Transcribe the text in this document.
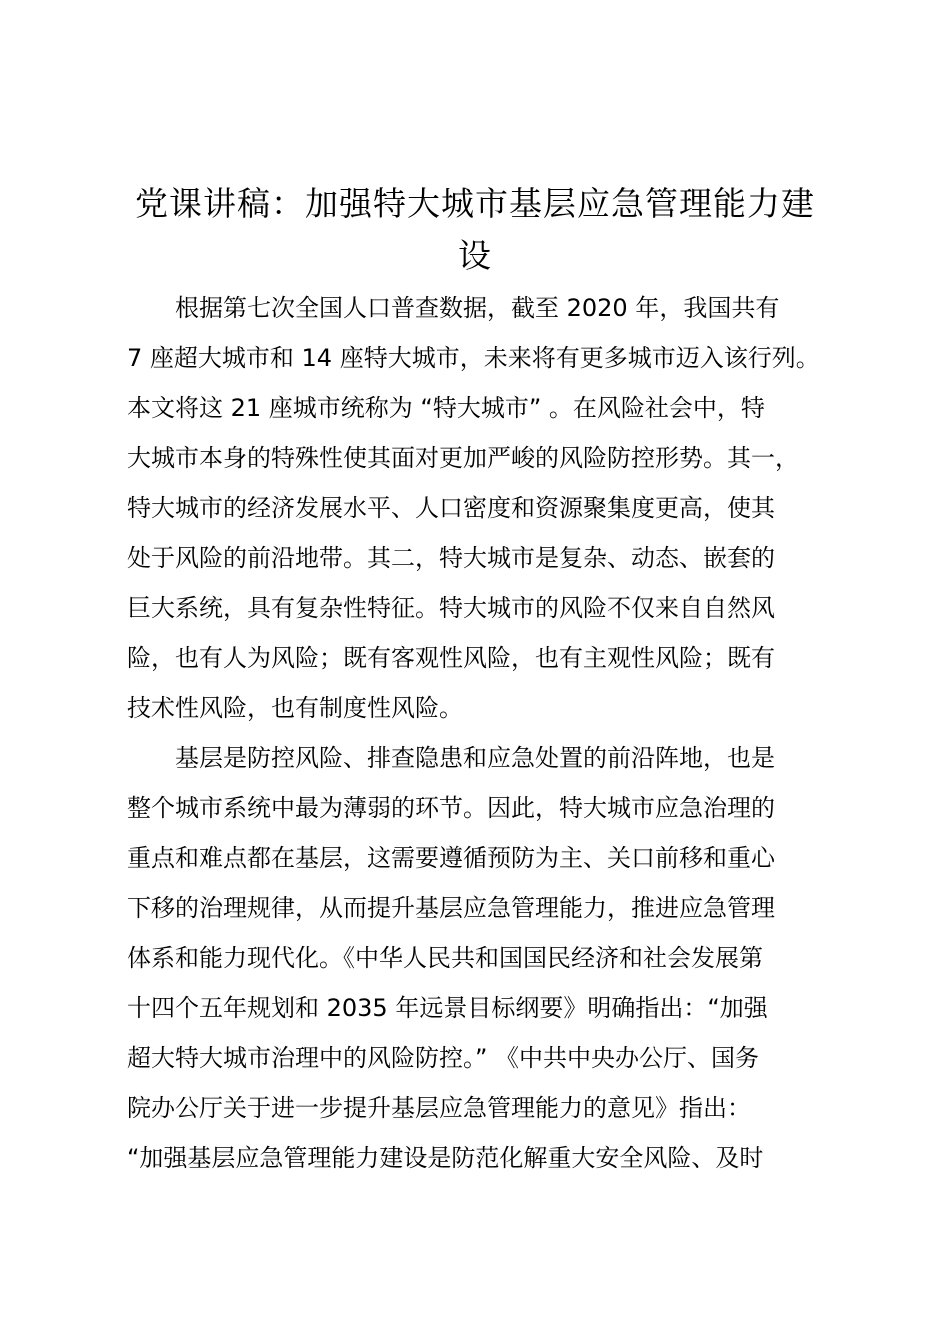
党课讲稿：加强特大城市基层应急管理能力建
设
根据第七次全国人口普查数据，截至 2020 年，我国共有
7 座超大城市和 14 座特大城市，未来将有更多城市迈入该行列。
本文将这 21 座城市统称为 “特大城市” 。在风险社会中，特
大城市本身的特殊性使其面对更加严峻的风险防控形势。其一，
特大城市的经济发展水平、人口密度和资源聚集度更高，使其
处于风险的前沿地带。其二，特大城市是复杂、动态、嵌套的
巨大系统，具有复杂性特征。特大城市的风险不仅来自自然风
险，也有人为风险；既有客观性风险，也有主观性风险；既有
技术性风险，也有制度性风险。
基层是防控风险、排查隐患和应急处置的前沿阵地，也是
整个城市系统中最为薄弱的环节。因此，特大城市应急治理的
重点和难点都在基层，这需要遵循预防为主、关口前移和重心
下移的治理规律，从而提升基层应急管理能力，推进应急管理
体系和能力现代化。《中华人民共和国国民经济和社会发展第
十四个五年规划和 2035 年远景目标纲要》明确指出：“加强
超大特大城市治理中的风险防控。” 《中共中央办公厅、国务
院办公厅关于进一步提升基层应急管理能力的意见》指出：
“加强基层应急管理能力建设是防范化解重大安全风险、及时
